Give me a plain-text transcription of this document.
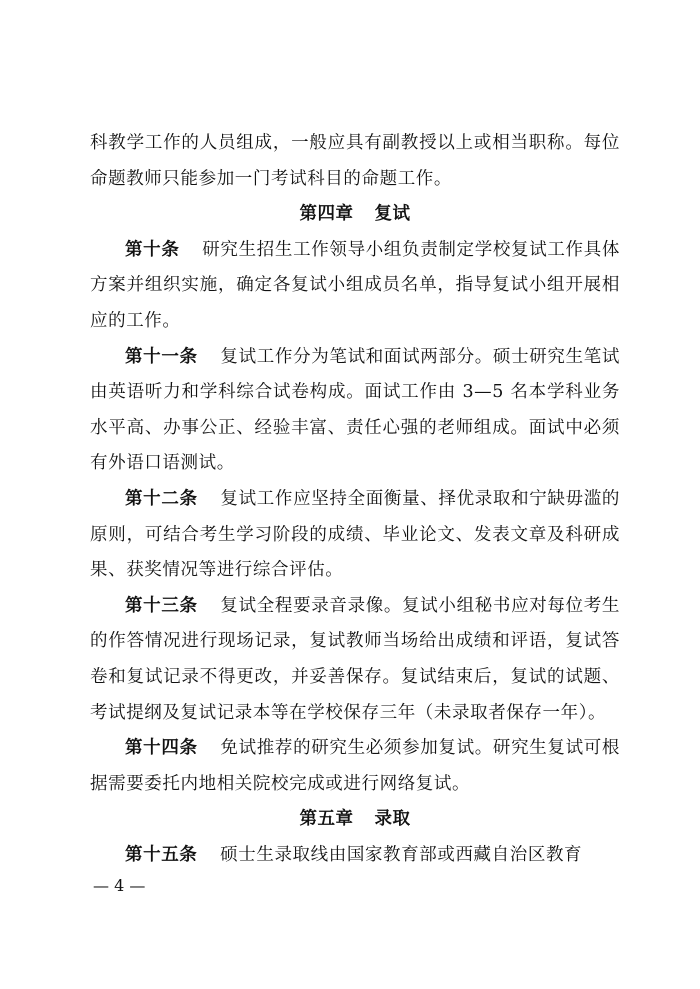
科教学工作的人员组成，一般应具有副教授以上或相当职称。每位命题教师只能参加一门考试科目的命题工作。

第四章 复试

第十条 研究生招生工作领导小组负责制定学校复试工作具体方案并组织实施，确定各复试小组成员名单，指导复试小组开展相应的工作。

第十一条 复试工作分为笔试和面试两部分。硕士研究生笔试由英语听力和学科综合试卷构成。面试工作由 3—5 名本学科业务水平高、办事公正、经验丰富、责任心强的老师组成。面试中必须有外语口语测试。

第十二条 复试工作应坚持全面衡量、择优录取和宁缺毋滥的原则，可结合考生学习阶段的成绩、毕业论文、发表文章及科研成果、获奖情况等进行综合评估。

第十三条 复试全程要录音录像。复试小组秘书应对每位考生的作答情况进行现场记录，复试教师当场给出成绩和评语，复试答卷和复试记录不得更改，并妥善保存。复试结束后，复试的试题、考试提纲及复试记录本等在学校保存三年（未录取者保存一年）。

第十四条 免试推荐的研究生必须参加复试。研究生复试可根据需要委托内地相关院校完成或进行网络复试。

第五章 录取

第十五条 硕士生录取线由国家教育部或西藏自治区教育

— 4 —
